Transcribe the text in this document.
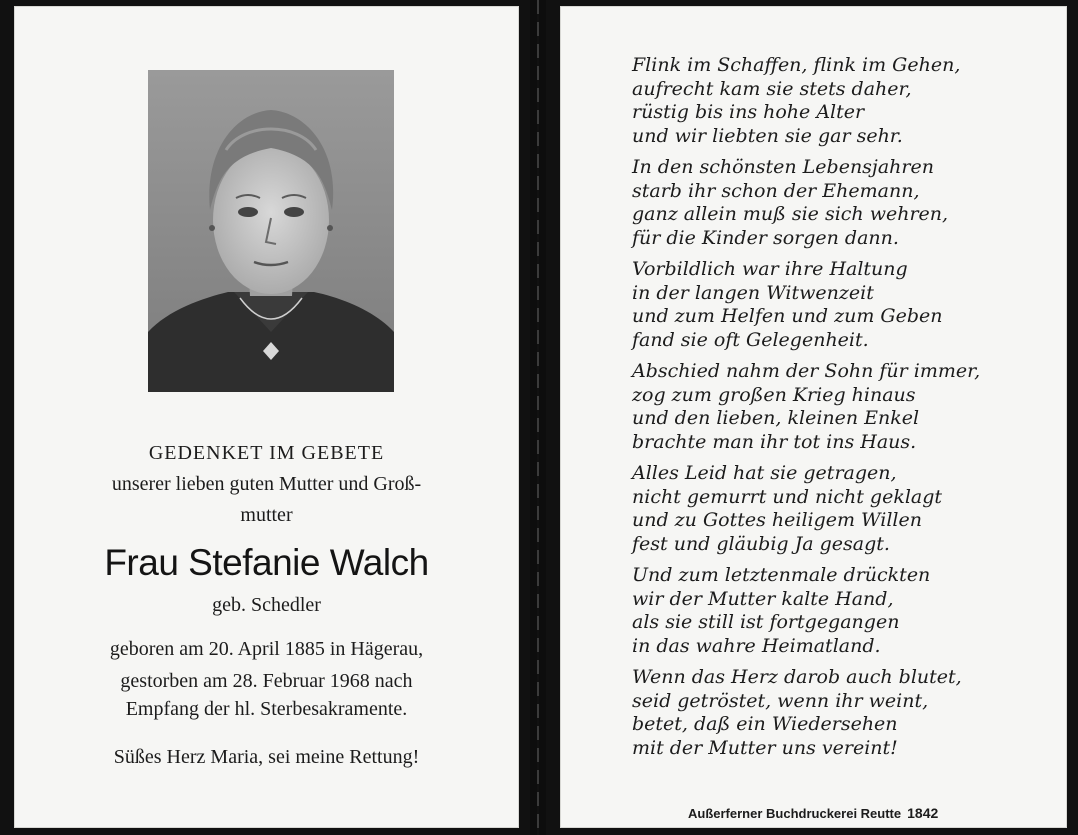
GEDENKET IM GEBETE
unserer lieben guten Mutter und Groß-
mutter
Frau Stefanie Walch
geb. Schedler
geboren am 20. April 1885 in Hägerau,
gestorben am 28. Februar 1968 nach
Empfang der hl. Sterbesakramente.
Süßes Herz Maria, sei meine Rettung!
Flink im Schaffen, flink im Gehen,
aufrecht kam sie stets daher,
rüstig bis ins hohe Alter
und wir liebten sie gar sehr.
In den schönsten Lebensjahren
starb ihr schon der Ehemann,
ganz allein muß sie sich wehren,
für die Kinder sorgen dann.
Vorbildlich war ihre Haltung
in der langen Witwenzeit
und zum Helfen und zum Geben
fand sie oft Gelegenheit.
Abschied nahm der Sohn für immer,
zog zum großen Krieg hinaus
und den lieben, kleinen Enkel
brachte man ihr tot ins Haus.
Alles Leid hat sie getragen,
nicht gemurrt und nicht geklagt
und zu Gottes heiligem Willen
fest und gläubig Ja gesagt.
Und zum letztenmale drückten
wir der Mutter kalte Hand,
als sie still ist fortgegangen
in das wahre Heimatland.
Wenn das Herz darob auch blutet,
seid getröstet, wenn ihr weint,
betet, daß ein Wiedersehen
mit der Mutter uns vereint!
Außerferner Buchdruckerei Reutte 1842
